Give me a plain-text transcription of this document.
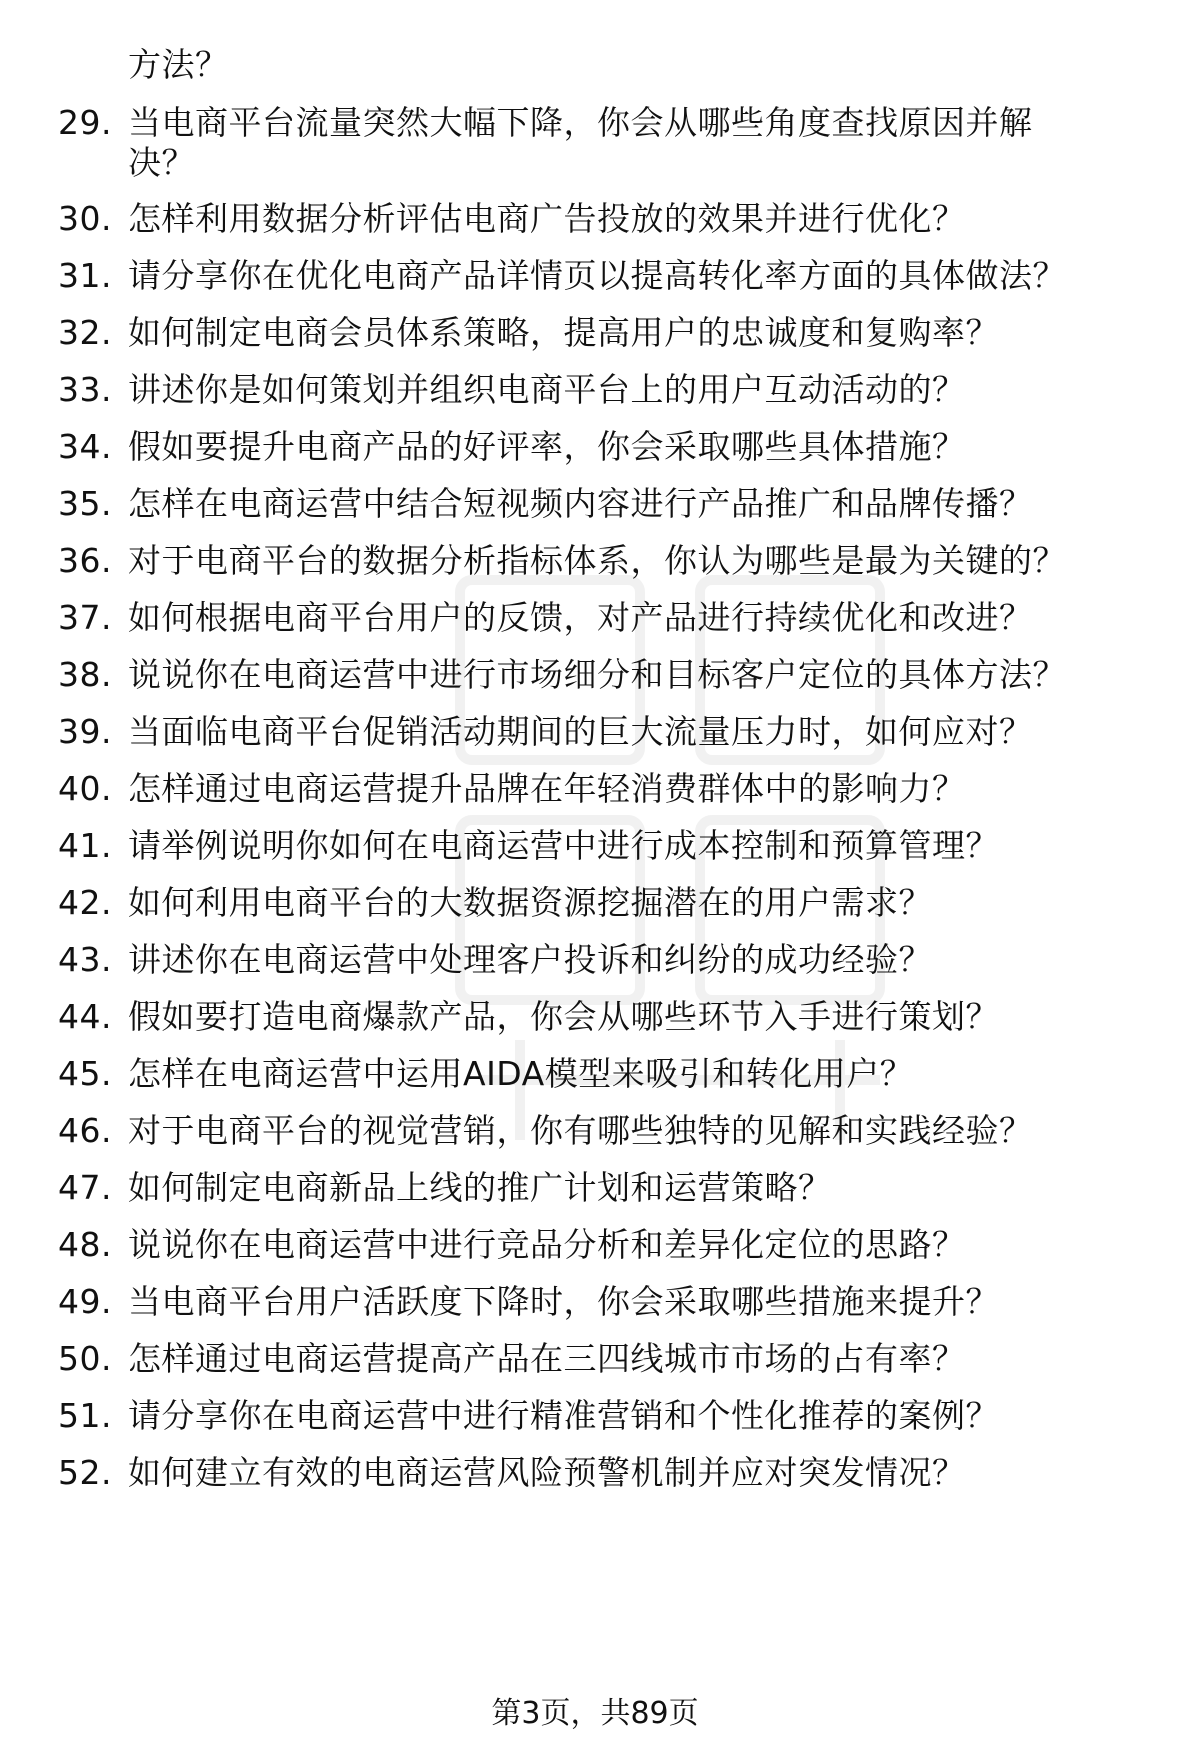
方法？
29. 当电商平台流量突然大幅下降，你会从哪些角度查找原因并解
决？
30. 怎样利用数据分析评估电商广告投放的效果并进行优化？
31. 请分享你在优化电商产品详情页以提高转化率方面的具体做法？
32. 如何制定电商会员体系策略，提高用户的忠诚度和复购率？
33. 讲述你是如何策划并组织电商平台上的用户互动活动的？
34. 假如要提升电商产品的好评率，你会采取哪些具体措施？
35. 怎样在电商运营中结合短视频内容进行产品推广和品牌传播？
36. 对于电商平台的数据分析指标体系，你认为哪些是最为关键的？
37. 如何根据电商平台用户的反馈，对产品进行持续优化和改进？
38. 说说你在电商运营中进行市场细分和目标客户定位的具体方法？
39. 当面临电商平台促销活动期间的巨大流量压力时，如何应对？
40. 怎样通过电商运营提升品牌在年轻消费群体中的影响力？
41. 请举例说明你如何在电商运营中进行成本控制和预算管理？
42. 如何利用电商平台的大数据资源挖掘潜在的用户需求？
43. 讲述你在电商运营中处理客户投诉和纠纷的成功经验？
44. 假如要打造电商爆款产品，你会从哪些环节入手进行策划？
45. 怎样在电商运营中运用AIDA模型来吸引和转化用户？
46. 对于电商平台的视觉营销，你有哪些独特的见解和实践经验？
47. 如何制定电商新品上线的推广计划和运营策略？
48. 说说你在电商运营中进行竞品分析和差异化定位的思路？
49. 当电商平台用户活跃度下降时，你会采取哪些措施来提升？
50. 怎样通过电商运营提高产品在三四线城市市场的占有率？
51. 请分享你在电商运营中进行精准营销和个性化推荐的案例？
52. 如何建立有效的电商运营风险预警机制并应对突发情况？
第3页，共89页
